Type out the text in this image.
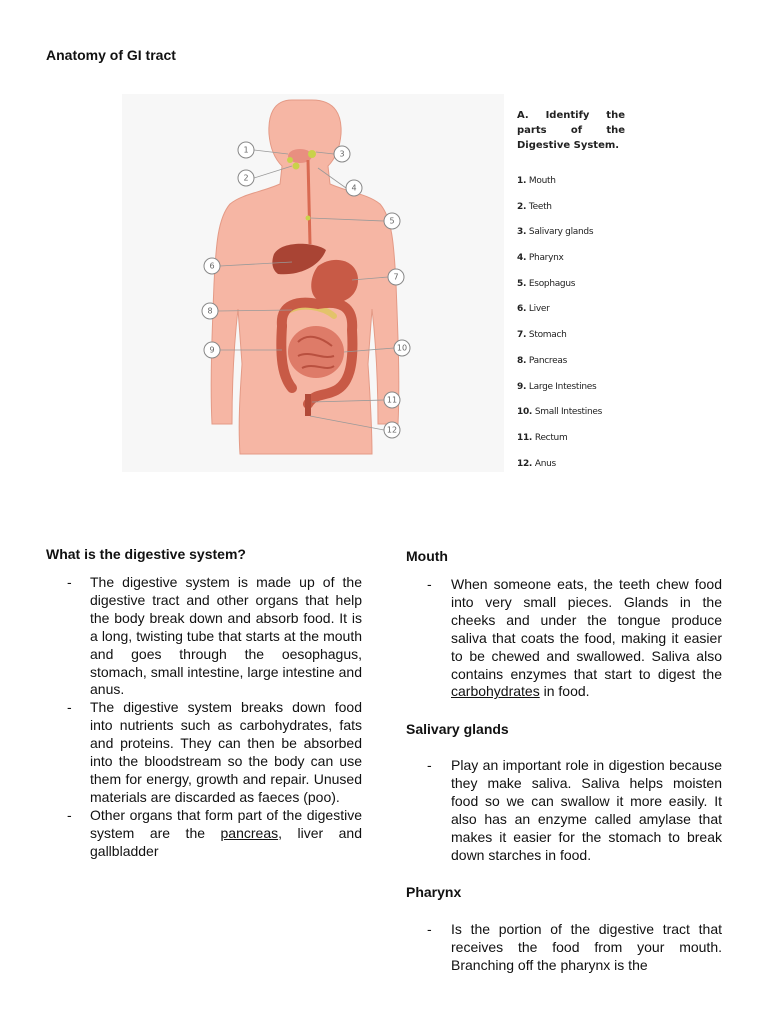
Anatomy of GI tract
1
2
3
4
5
6
7
8
9	10
11
12
A. Identify the parts of the Digestive System.
1. Mouth
2. Teeth
3. Salivary glands
4. Pharynx
5. Esophagus
6. Liver
7. Stomach
8. Pancreas
9. Large Intestines
10. Small Intestines
11. Rectum
12. Anus
What is the digestive system?
- The digestive system is made up of the digestive tract and other organs that help the body break down and absorb food. It is a long, twisting tube that starts at the mouth and goes through the oesophagus, stomach, small intestine, large intestine and anus.
- The digestive system breaks down food into nutrients such as carbohydrates, fats and proteins. They can then be absorbed into the bloodstream so the body can use them for energy, growth and repair. Unused materials are discarded as faeces (poo).
- Other organs that form part of the digestive system are the pancreas, liver and gallbladder
Mouth
- When someone eats, the teeth chew food into very small pieces. Glands in the cheeks and under the tongue produce saliva that coats the food, making it easier to be chewed and swallowed. Saliva also contains enzymes that start to digest the carbohydrates in food.
Salivary glands
- Play an important role in digestion because they make saliva. Saliva helps moisten food so we can swallow it more easily. It also has an enzyme called amylase that makes it easier for the stomach to break down starches in food.
Pharynx
- Is the portion of the digestive tract that receives the food from your mouth. Branching off the pharynx is the
